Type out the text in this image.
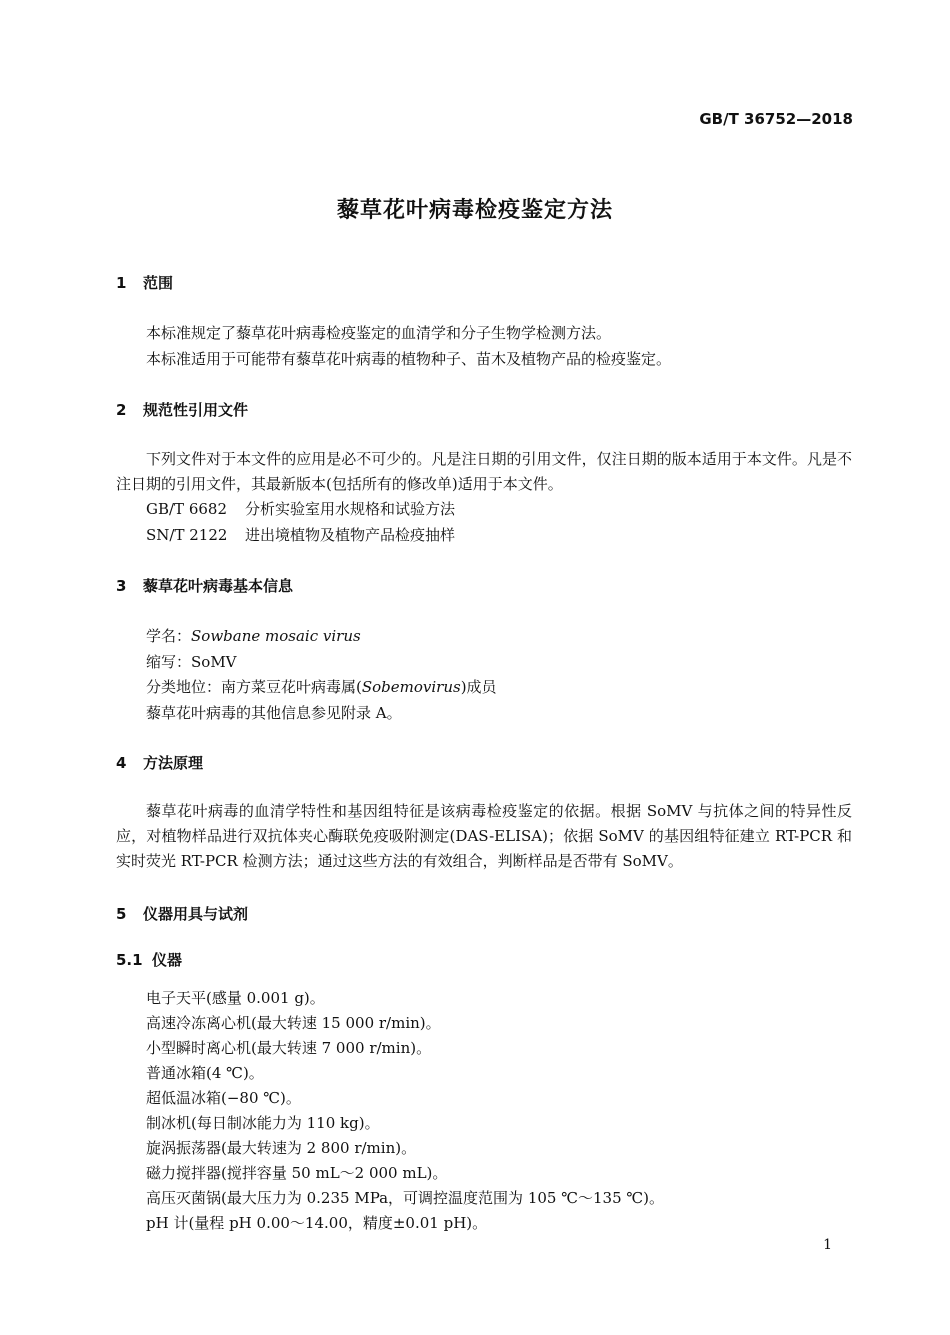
GB/T 36752—2018
藜草花叶病毒检疫鉴定方法
1 范围
本标准规定了藜草花叶病毒检疫鉴定的血清学和分子生物学检测方法。
本标准适用于可能带有藜草花叶病毒的植物种子、苗木及植物产品的检疫鉴定。
2 规范性引用文件
下列文件对于本文件的应用是必不可少的。凡是注日期的引用文件，仅注日期的版本适用于本文件。凡是不注日期的引用文件，其最新版本(包括所有的修改单)适用于本文件。
GB/T 6682 分析实验室用水规格和试验方法
SN/T 2122 进出境植物及植物产品检疫抽样
3 藜草花叶病毒基本信息
学名：Sowbane mosaic virus
缩写：SoMV
分类地位：南方菜豆花叶病毒属(Sobemovirus)成员
藜草花叶病毒的其他信息参见附录 A。
4 方法原理
藜草花叶病毒的血清学特性和基因组特征是该病毒检疫鉴定的依据。根据 SoMV 与抗体之间的特异性反应，对植物样品进行双抗体夹心酶联免疫吸附测定(DAS-ELISA)；依据 SoMV 的基因组特征建立 RT-PCR 和实时荧光 RT-PCR 检测方法；通过这些方法的有效组合，判断样品是否带有 SoMV。
5 仪器用具与试剂
5.1 仪器
电子天平(感量 0.001 g)。
高速冷冻离心机(最大转速 15 000 r/min)。
小型瞬时离心机(最大转速 7 000 r/min)。
普通冰箱(4 ℃)。
超低温冰箱(−80 ℃)。
制冰机(每日制冰能力为 110 kg)。
旋涡振荡器(最大转速为 2 800 r/min)。
磁力搅拌器(搅拌容量 50 mL～2 000 mL)。
高压灭菌锅(最大压力为 0.235 MPa，可调控温度范围为 105 ℃～135 ℃)。
pH 计(量程 pH 0.00～14.00，精度±0.01 pH)。
1
